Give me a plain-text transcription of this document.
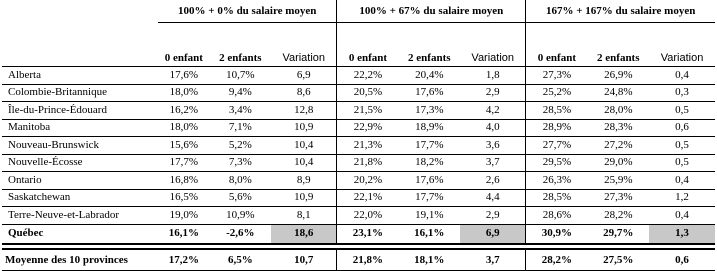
	100% + 0% du salaire moyen			100% + 67% du salaire moyen			167% + 167% du salaire moyen		

	0 enfant	2 enfants	Variation	0 enfant	2 enfants	Variation	0 enfant	2 enfants	Variation
Alberta	17,6%	10,7%	6,9	22,2%	20,4%	1,8	27,3%	26,9%	0,4
Colombie-Britannique	18,0%	9,4%	8,6	20,5%	17,6%	2,9	25,2%	24,8%	0,3
Île-du-Prince-Édouard	16,2%	3,4%	12,8	21,5%	17,3%	4,2	28,5%	28,0%	0,5
Manitoba	18,0%	7,1%	10,9	22,9%	18,9%	4,0	28,9%	28,3%	0,6
Nouveau-Brunswick	15,6%	5,2%	10,4	21,3%	17,7%	3,6	27,7%	27,2%	0,5
Nouvelle-Écosse	17,7%	7,3%	10,4	21,8%	18,2%	3,7	29,5%	29,0%	0,5
Ontario	16,8%	8,0%	8,9	20,2%	17,6%	2,6	26,3%	25,9%	0,4
Saskatchewan	16,5%	5,6%	10,9	22,1%	17,7%	4,4	28,5%	27,3%	1,2
Terre-Neuve-et-Labrador	19,0%	10,9%	8,1	22,0%	19,1%	2,9	28,6%	28,2%	0,4
Québec	16,1%	-2,6%	18,6	23,1%	16,1%	6,9	30,9%	29,7%	1,3

Moyenne des 10 provinces	17,2%	6,5%	10,7	21,8%	18,1%	3,7	28,2%	27,5%	0,6
